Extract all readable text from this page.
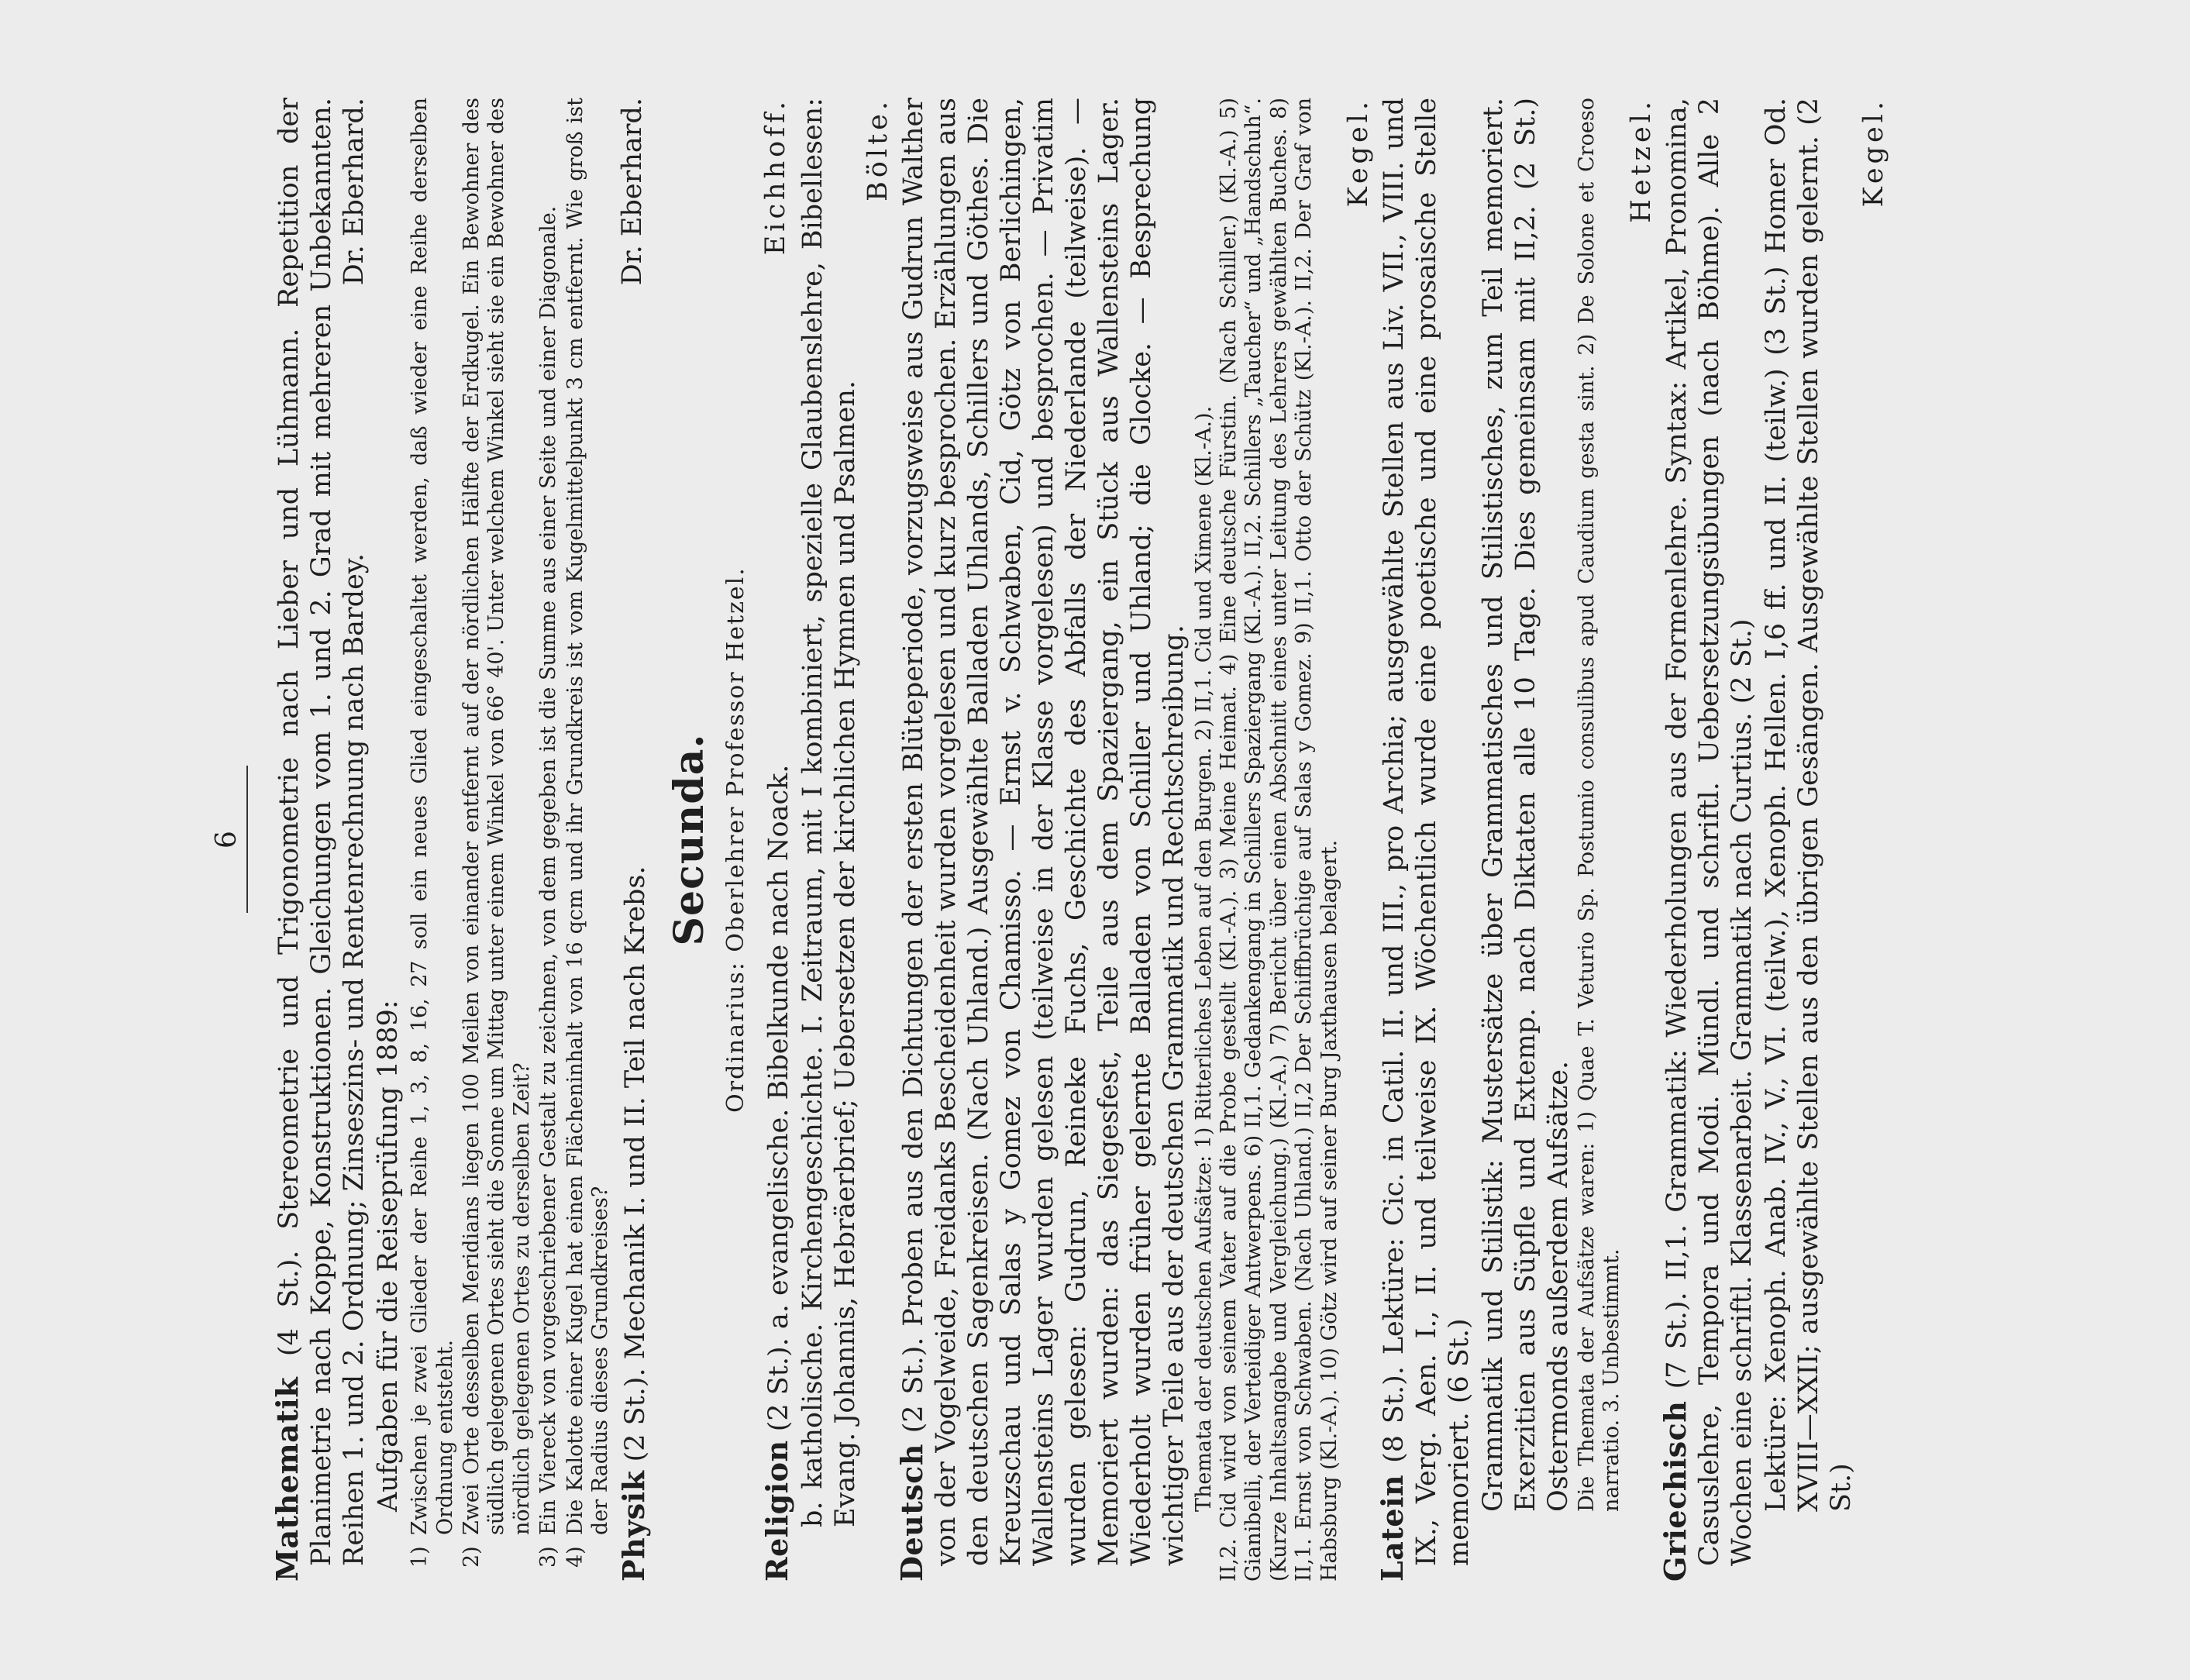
6
Mathematik (4 St.). Stereometrie und Trigonometrie nach Lieber und Lühmann. Repetition der Planimetrie nach Koppe, Konstruktionen. Gleichungen vom 1. und 2. Grad mit mehreren Unbekannten. Reihen 1. und 2. Ordnung; Zinseszins- und Rentenrechnung nach Bardey.
Dr. Eberhard.
Aufgaben für die Reiseprüfung 1889:
1)
Zwischen je zwei Glieder der Reihe 1, 3, 8, 16, 27 soll ein neues Glied eingeschaltet werden, daß wieder eine Reihe derselben Ordnung entsteht.
2)
Zwei Orte desselben Meridians liegen 100 Meilen von einander entfernt auf der nördlichen Hälfte der Erdkugel. Ein Bewohner des südlich gelegenen Ortes sieht die Sonne um Mittag unter einem Winkel von 66° 40'. Unter welchem Winkel sieht sie ein Bewohner des nördlich gelegenen Ortes zu derselben Zeit?
3)
Ein Viereck von vorgeschriebener Gestalt zu zeichnen, von dem gegeben ist die Summe aus einer Seite und einer Diagonale.
4)
Die Kalotte einer Kugel hat einen Flächeninhalt von 16 qcm und ihr Grundkreis ist vom Kugelmittelpunkt 3 cm entfernt. Wie groß ist der Radius dieses Grundkreises? Physik (2 St.). Mechanik I. und II. Teil nach Krebs.
Dr. Eberhard.
Secunda. Ordinarius: Oberlehrer Professor Hetzel.
Religion (2 St.). a. evangelische. Bibelkunde nach Noack.
Eichhoff. b. katholische. Kirchengeschichte. I. Zeitraum, mit I kombiniert, spezielle Glaubenslehre, Bibellesen: Evang. Johannis, Hebräerbrief; Uebersetzen der kirchlichen Hymnen und Psalmen.
Bölte.
Deutsch (2 St.). Proben aus den Dichtungen der ersten Blüteperiode, vorzugsweise aus Gudrun Walther von der Vogelweide, Freidanks Bescheidenheit wurden vorgelesen und kurz besprochen. Erzählungen aus den deutschen Sagenkreisen. (Nach Uhland.) Ausgewählte Balladen Uhlands, Schillers und Göthes. Die Kreuzschau und Salas y Gomez von Chamisso. — Ernst v. Schwaben, Cid, Götz von Berlichingen, Wallensteins Lager wurden gelesen (teilweise in der Klasse vorgelesen) und besprochen. — Privatim wurden gelesen: Gudrun, Reineke Fuchs, Geschichte des Abfalls der Niederlande (teilweise). — Memoriert wurden: das Siegesfest, Teile aus dem Spaziergang, ein Stück aus Wallensteins Lager. Wiederholt wurden früher gelernte Balladen von Schiller und Uhland; die Glocke. — Besprechung wichtiger Teile aus der deutschen Grammatik und Rechtschreibung. Themata der deutschen Aufsätze: 1) Ritterliches Leben auf den Burgen. 2) II,1. Cid und Ximene (Kl.-A.). II,2. Cid wird von seinem Vater auf die Probe gestellt (Kl.-A.). 3) Meine Heimat. 4) Eine deutsche Fürstin. (Nach Schiller.) (Kl.-A.) 5) Gianibelli, der Verteidiger Antwerpens. 6) II,1. Gedankengang in Schillers Spaziergang (Kl.-A.). II,2. Schillers „Taucher“ und „Handschuh“. (Kurze Inhaltsangabe und Vergleichung.) (Kl.-A.) 7) Bericht über einen Abschnitt eines unter Leitung des Lehrers gewählten Buches. 8) II,1. Ernst von Schwaben. (Nach Uhland.) II,2 Der Schiffbrüchige auf Salas y Gomez. 9) II,1. Otto der Schütz (Kl.-A.). II,2. Der Graf von Habsburg (Kl.-A.). 10) Götz wird auf seiner Burg Jaxthausen belagert.
Kegel.
Latein (8 St.). Lektüre: Cic. in Catil. II. und III., pro Archia; ausgewählte Stellen aus Liv. VII., VIII. und IX., Verg. Aen. I., II. und teilweise IX. Wöchentlich wurde eine poetische und eine prosaische Stelle memoriert. (6 St.) Grammatik und Stilistik: Mustersätze über Grammatisches und Stilistisches, zum Teil memoriert. Exerzitien aus Süpfle und Extemp. nach Diktaten alle 10 Tage. Dies gemeinsam mit II,2. (2 St.) Ostermonds außerdem Aufsätze. Die Themata der Aufsätze waren: 1) Quae T. Veturio Sp. Postumio consulibus apud Caudium gesta sint. 2) De Solone et Croeso narratio. 3. Unbestimmt.
Hetzel.
Griechisch (7 St.). II,1. Grammatik: Wiederholungen aus der Formenlehre. Syntax: Artikel, Pronomina, Casuslehre, Tempora und Modi. Mündl. und schriftl. Uebersetzungsübungen (nach Böhme). Alle 2 Wochen eine schriftl. Klassenarbeit. Grammatik nach Curtius. (2 St.) Lektüre: Xenoph. Anab. IV., V., VI. (teilw.), Xenoph. Hellen. I,6 ff. und II. (teilw.) (3 St.) Homer Od. XVIII—XXII; ausgewählte Stellen aus den übrigen Gesängen. Ausgewählte Stellen wurden gelernt. (2 St.)
Kegel.
